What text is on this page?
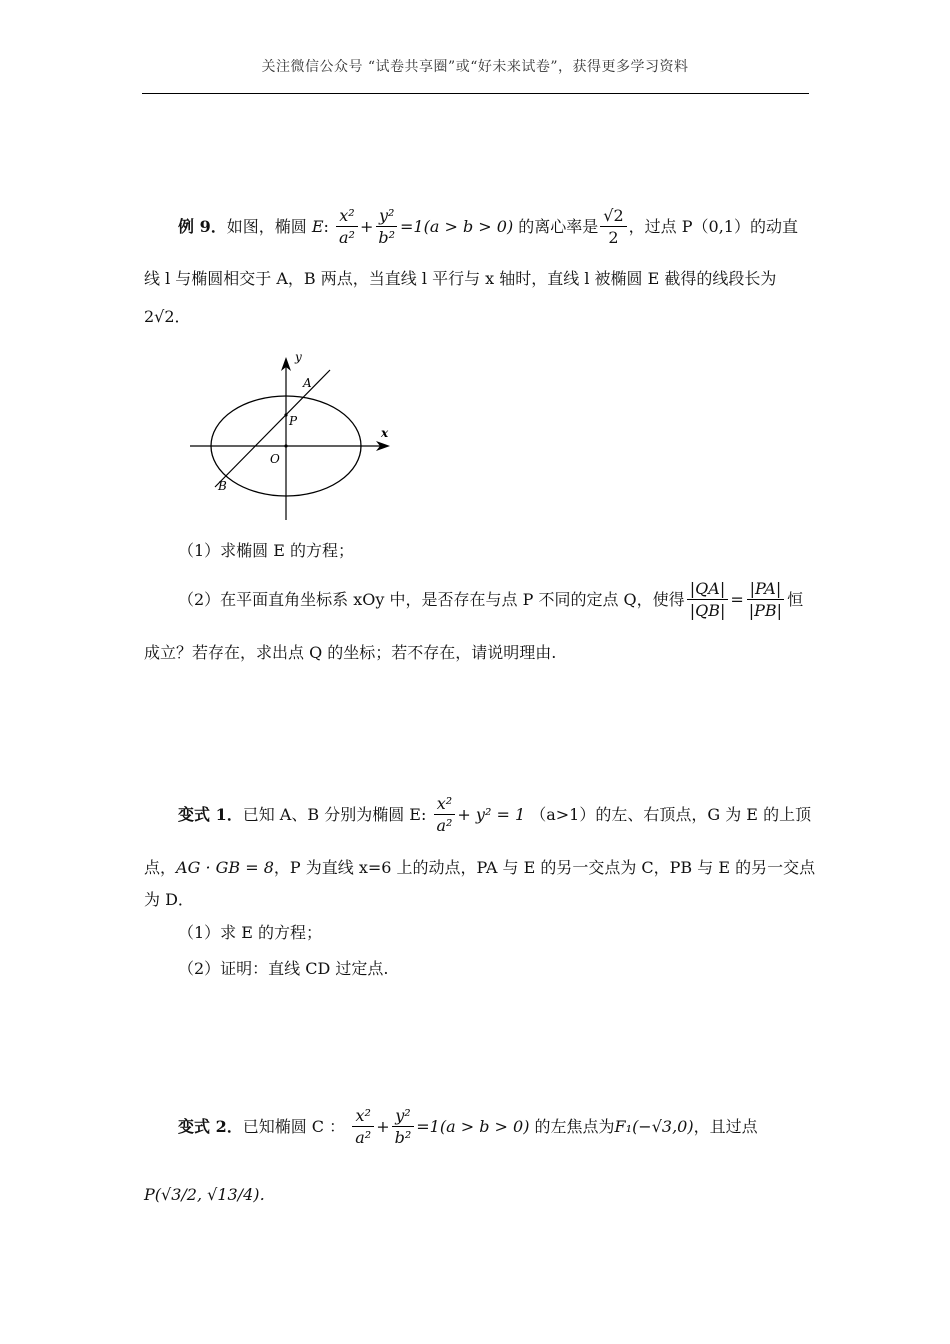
关注微信公众号 “试卷共享圈”或“好未来试卷”，获得更多学习资料
例 9．如图，椭圆 E: $\frac{\text{x²}}{\text{a²}} + \frac{\text{y²}}{\text{b²}} =1(a > b > 0)$ 的离心率是 $\frac{√2}{2}$ ，过点 P（0,1）的动直
线 l 与椭圆相交于 A，B 两点，当直线 l 平行与 x 轴时，直线 l 被椭圆 E 截得的线段长为
2√2．
y
x
A
P
O
B
（1）求椭圆 E 的方程；
（2）在平面直角坐标系 xOy 中，是否存在与点 P 不同的定点 Q，使得 $\frac{|QA|}{|QB|} = \frac{|PA|}{|PB|}$ 恒
成立？若存在，求出点 Q 的坐标；若不存在，请说明理由.
变式 1．已知 A、B 分别为椭圆 E: $\frac{\text{x²}}{\text{a²}} + y^2 = 1$ （a>1）的左、右顶点，G 为 E 的上顶
点，AG · GB = 8，P 为直线 x=6 上的动点，PA 与 E 的另一交点为 C，PB 与 E 的另一交点
为 D．
（1）求 E 的方程；
（2）证明：直线 CD 过定点.
变式 2．已知椭圆 C ： $\frac{\text{x²}}{\text{a²}} + \frac{\text{y²}}{\text{b²}} =1(a > b > 0)$ 的左焦点为F₁(−√3,0)，且过点
P(√3/2, √13/4)．
